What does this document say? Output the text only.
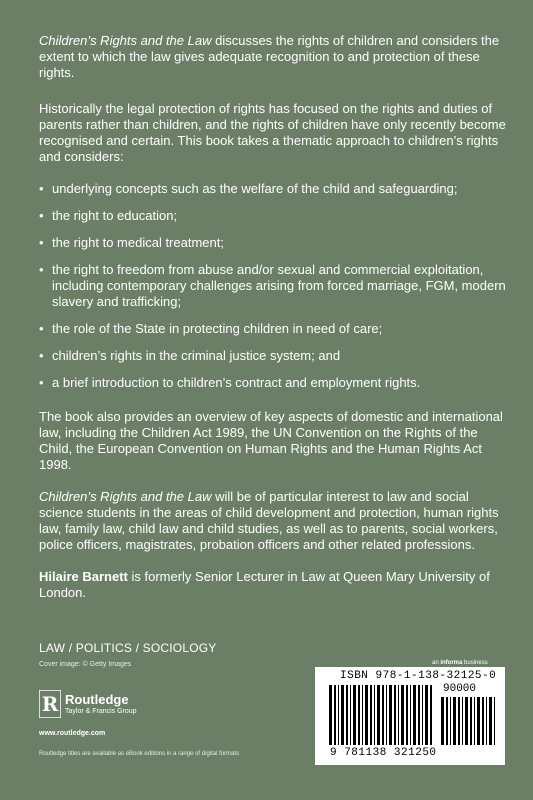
Children’s Rights and the Law discusses the rights of children and considers the extent to which the law gives adequate recognition to and protection of these rights.

Historically the legal protection of rights has focused on the rights and duties of parents rather than children, and the rights of children have only recently become recognised and certain. This book takes a thematic approach to children’s rights and considers:

• underlying concepts such as the welfare of the child and safeguarding;
• the right to education;
• the right to medical treatment;
• the right to freedom from abuse and/or sexual and commercial exploitation, including contemporary challenges arising from forced marriage, FGM, modern slavery and trafficking;
• the role of the State in protecting children in need of care;
• children’s rights in the criminal justice system; and
• a brief introduction to children’s contract and employment rights.

The book also provides an overview of key aspects of domestic and international law, including the Children Act 1989, the UN Convention on the Rights of the Child, the European Convention on Human Rights and the Human Rights Act 1998.

Children’s Rights and the Law will be of particular interest to law and social science students in the areas of child development and protection, human rights law, family law, child law and child studies, as well as to parents, social workers, police officers, magistrates, probation officers and other related professions.

Hilaire Barnett is formerly Senior Lecturer in Law at Queen Mary University of London.

LAW / POLITICS / SOCIOLOGY
Cover image: © Getty Images
R Routledge
Taylor & Francis Group
www.routledge.com
Routledge titles are available as eBook editions in a range of digital formats
an informa business
ISBN 978-1-138-32125-0
90000
9 781138 321250
